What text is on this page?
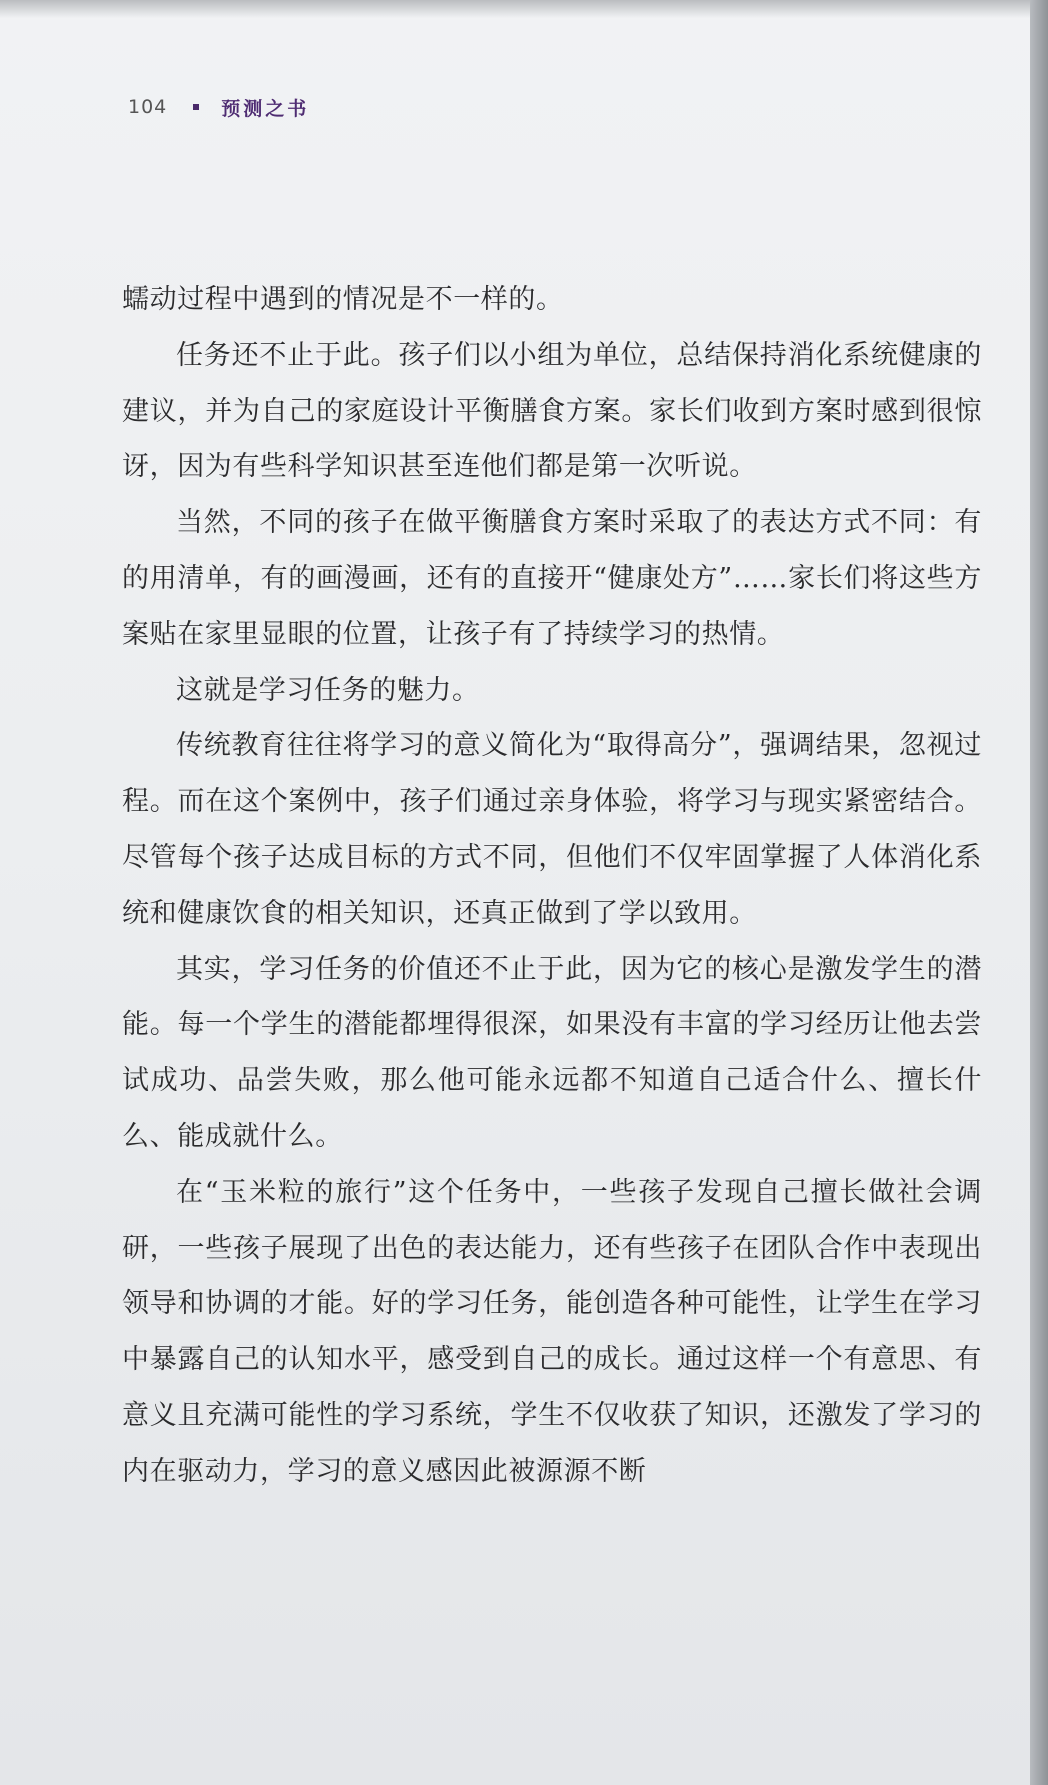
104	预测之书

蠕动过程中遇到的情况是不一样的。

任务还不止于此。孩子们以小组为单位，总结保持消化系统健康的建议，并为自己的家庭设计平衡膳食方案。家长们收到方案时感到很惊讶，因为有些科学知识甚至连他们都是第一次听说。

当然，不同的孩子在做平衡膳食方案时采取了的表达方式不同：有的用清单，有的画漫画，还有的直接开“健康处方”……家长们将这些方案贴在家里显眼的位置，让孩子有了持续学习的热情。

这就是学习任务的魅力。

传统教育往往将学习的意义简化为“取得高分”，强调结果，忽视过程。而在这个案例中，孩子们通过亲身体验，将学习与现实紧密结合。尽管每个孩子达成目标的方式不同，但他们不仅牢固掌握了人体消化系统和健康饮食的相关知识，还真正做到了学以致用。

其实，学习任务的价值还不止于此，因为它的核心是激发学生的潜能。每一个学生的潜能都埋得很深，如果没有丰富的学习经历让他去尝试成功、品尝失败，那么他可能永远都不知道自己适合什么、擅长什么、能成就什么。

在“玉米粒的旅行”这个任务中，一些孩子发现自己擅长做社会调研，一些孩子展现了出色的表达能力，还有些孩子在团队合作中表现出领导和协调的才能。好的学习任务，能创造各种可能性，让学生在学习中暴露自己的认知水平，感受到自己的成长。通过这样一个有意思、有意义且充满可能性的学习系统，学生不仅收获了知识，还激发了学习的内在驱动力，学习的意义感因此被源源不断
